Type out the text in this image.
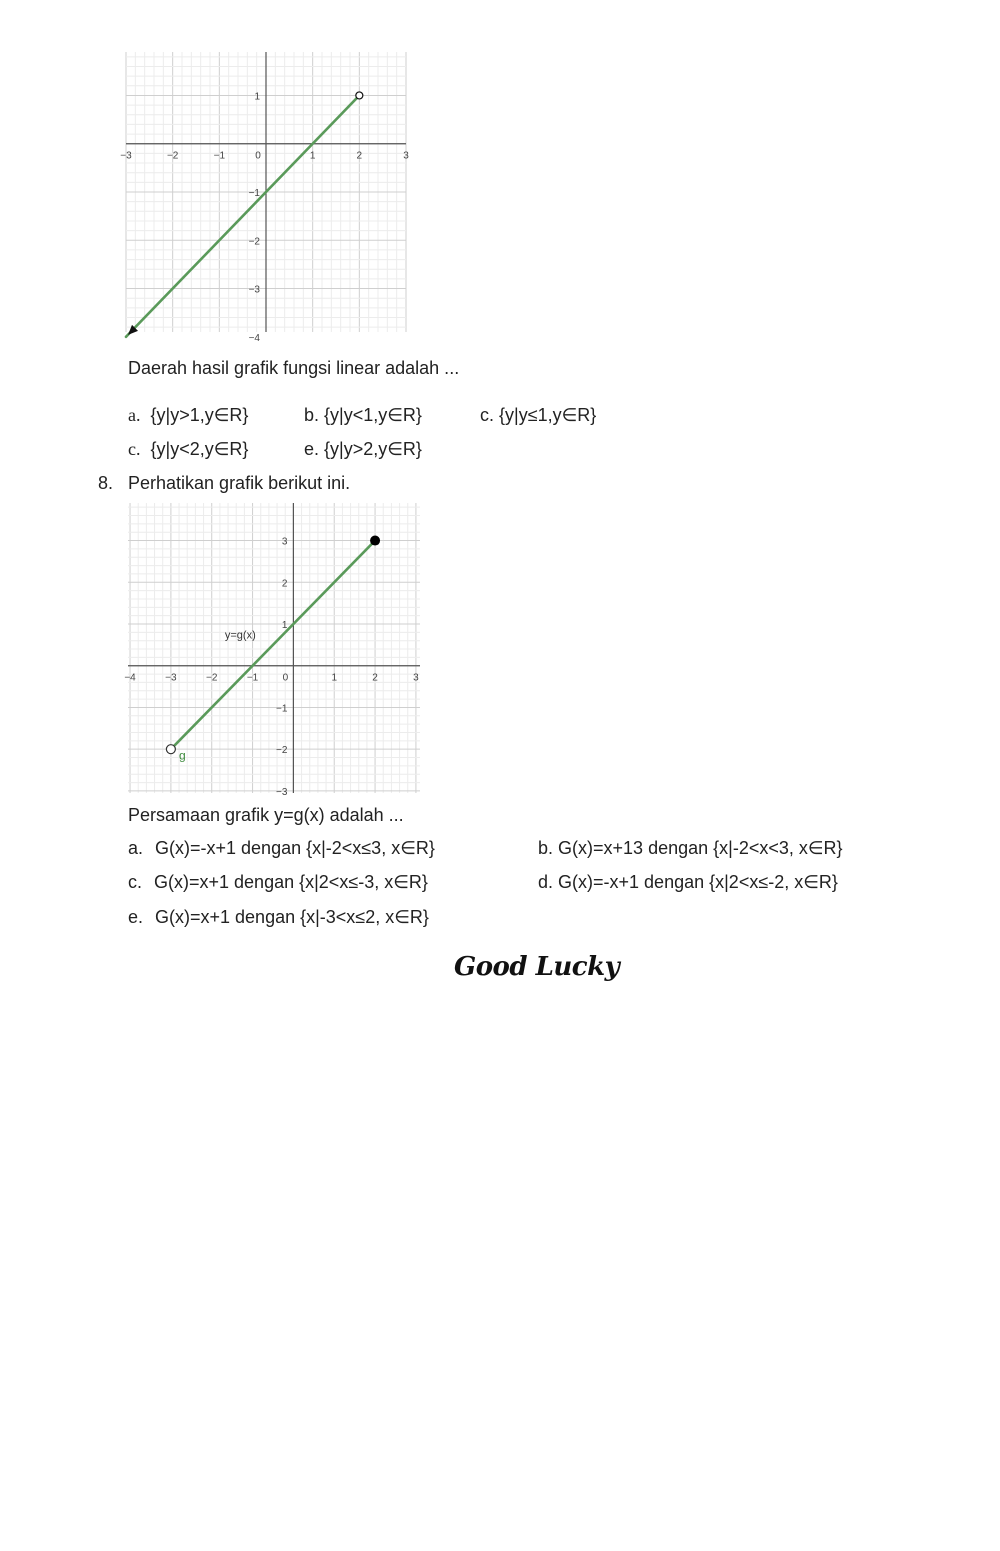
−3	−2	−1	0	1	2	3
1
−1
−2
−3
−4
Daerah hasil grafik fungsi linear adalah ...
a. {y|y>1,y∈R}	b. {y|y<1,y∈R}	c. {y|y≤1,y∈R}
c. {y|y<2,y∈R}	e. {y|y>2,y∈R}
8. Perhatikan grafik berikut ini.
−4	−3	−2	−1 0	1	2	3
3
2
1
−1
−2
−3
y=g(x)
g
Persamaan grafik y=g(x) adalah ...
a. G(x)=-x+1 dengan {x|-2<x≤3, x∈R}	b. G(x)=x+13 dengan {x|-2<x<3, x∈R}
c. G(x)=x+1 dengan {x|2<x≤-3, x∈R}	d. G(x)=-x+1 dengan {x|2<x≤-2, x∈R}
e. G(x)=x+1 dengan {x|-3<x≤2, x∈R}
Good Lucky
